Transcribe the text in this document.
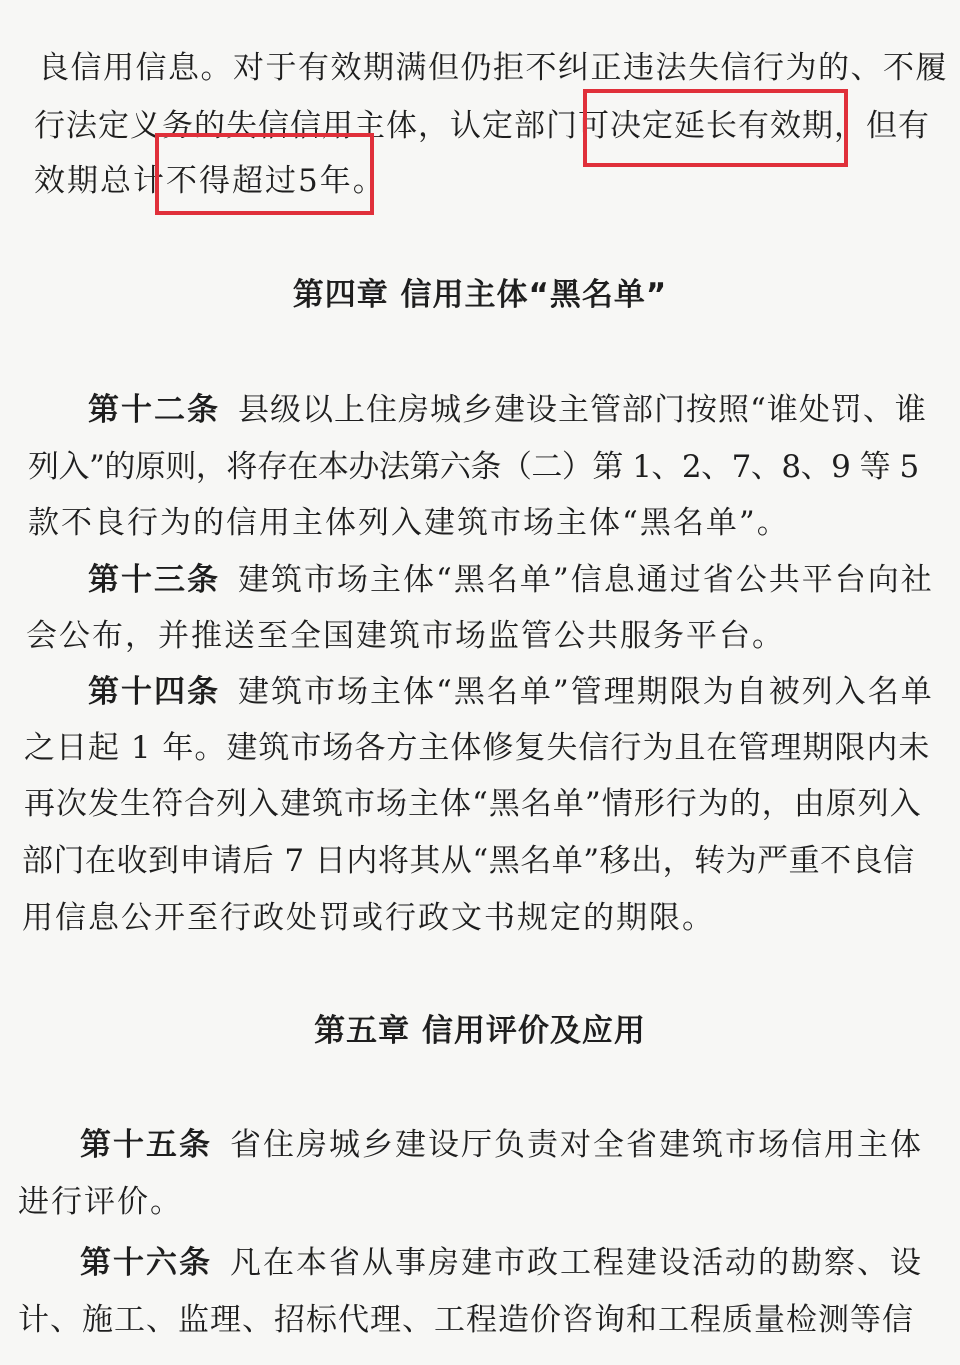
良信用信息。对于有效期满但仍拒不纠正违法失信行为的、不履
行法定义务的失信信用主体，认定部门可决定延长有效期，但有
效期总计不得超过5年。
第四章 信用主体“黑名单”
第十二条 县级以上住房城乡建设主管部门按照“谁处罚、谁
列入”的原则，将存在本办法第六条（二）第 1、2、7、8、9 等 5
款不良行为的信用主体列入建筑市场主体“黑名单”。
第十三条 建筑市场主体“黑名单”信息通过省公共平台向社
会公布，并推送至全国建筑市场监管公共服务平台。
第十四条 建筑市场主体“黑名单”管理期限为自被列入名单
之日起 1 年。建筑市场各方主体修复失信行为且在管理期限内未
再次发生符合列入建筑市场主体“黑名单”情形行为的，由原列入
部门在收到申请后 7 日内将其从“黑名单”移出，转为严重不良信
用信息公开至行政处罚或行政文书规定的期限。
第五章 信用评价及应用
第十五条 省住房城乡建设厅负责对全省建筑市场信用主体
进行评价。
第十六条 凡在本省从事房建市政工程建设活动的勘察、设
计、施工、监理、招标代理、工程造价咨询和工程质量检测等信
